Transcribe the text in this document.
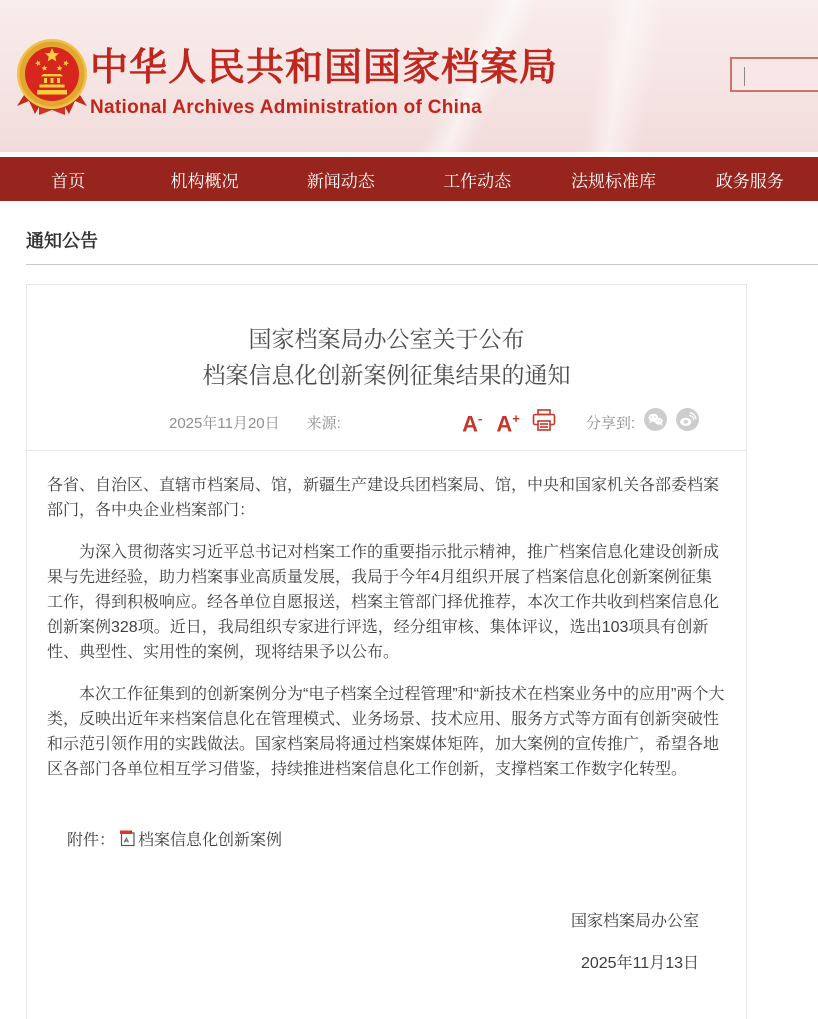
中华人民共和国国家档案局
National Archives Administration of China
首页	机构概况	新闻动态	工作动态	法规标准库	政务服务
通知公告
国家档案局办公室关于公布
档案信息化创新案例征集结果的通知
2025年11月20日 来源:	A- A+	分享到:

各省、自治区、直辖市档案局、馆，新疆生产建设兵团档案局、馆，中央和国家机关各部委档案部门，各中央企业档案部门：

为深入贯彻落实习近平总书记对档案工作的重要指示批示精神，推广档案信息化建设创新成果与先进经验，助力档案事业高质量发展，我局于今年4月组织开展了档案信息化创新案例征集工作，得到积极响应。经各单位自愿报送，档案主管部门择优推荐，本次工作共收到档案信息化创新案例328项。近日，我局组织专家进行评选，经分组审核、集体评议，选出103项具有创新性、典型性、实用性的案例，现将结果予以公布。

本次工作征集到的创新案例分为“电子档案全过程管理”和“新技术在档案业务中的应用”两个大类，反映出近年来档案信息化在管理模式、业务场景、技术应用、服务方式等方面有创新突破性和示范引领作用的实践做法。国家档案局将通过档案媒体矩阵，加大案例的宣传推广，希望各地区各部门各单位相互学习借鉴，持续推进档案信息化工作创新，支撑档案工作数字化转型。

附件： 档案信息化创新案例
国家档案局办公室
2025年11月13日
